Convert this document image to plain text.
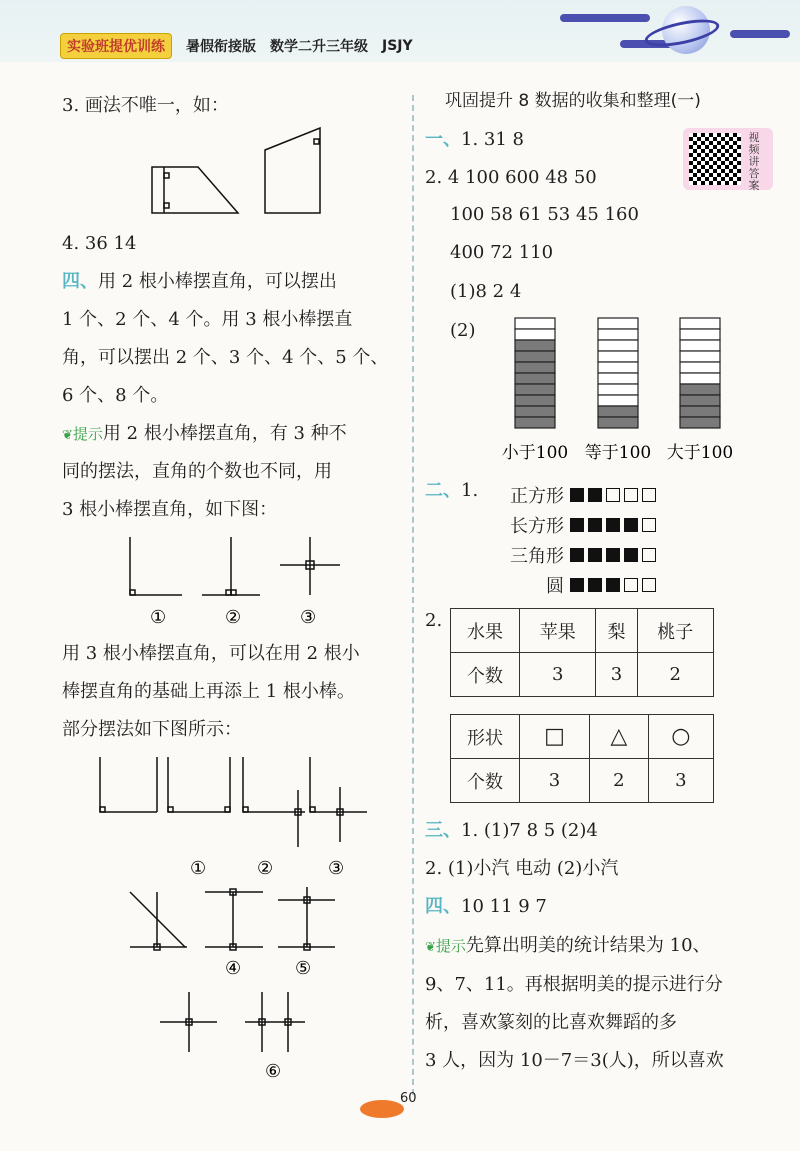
实验班提优训练	暑假衔接版 数学二升三年级 JSJY
3. 画法不唯一，如：
4. 36 14
四、用 2 根小棒摆直角，可以摆出
1 个、2 个、4 个。用 3 根小棒摆直
角，可以摆出 2 个、3 个、4 个、5 个、
6 个、8 个。
❦提示用 2 根小棒摆直角，有 3 种不
同的摆法，直角的个数也不同，用
3 根小棒摆直角，如下图：
①	②	③
用 3 根小棒摆直角，可以在用 2 根小
棒摆直角的基础上再添上 1 根小棒。
部分摆法如下图所示：
①	②	③
④	⑤
⑥
巩固提升 8 数据的收集和整理(一)
视频讲答案
一、1. 31 8
2. 4 100 600 48 50
100 58 61 53 45 160
400 72 110
(1)8 2 4
(2)
小于100 等于100 大于100
二、1.	正方形
长方形
三角形
圆
2.
水果	苹果	梨	桃子
个数	3	3	2
形状	□	△	○
个数	3	2	3
三、1. (1)7 8 5 (2)4
2. (1)小汽 电动 (2)小汽
四、10 11 9 7
❦提示先算出明美的统计结果为 10、
9、7、11。再根据明美的提示进行分
析，喜欢篆刻的比喜欢舞蹈的多
3 人，因为 10－7＝3(人)，所以喜欢
60
